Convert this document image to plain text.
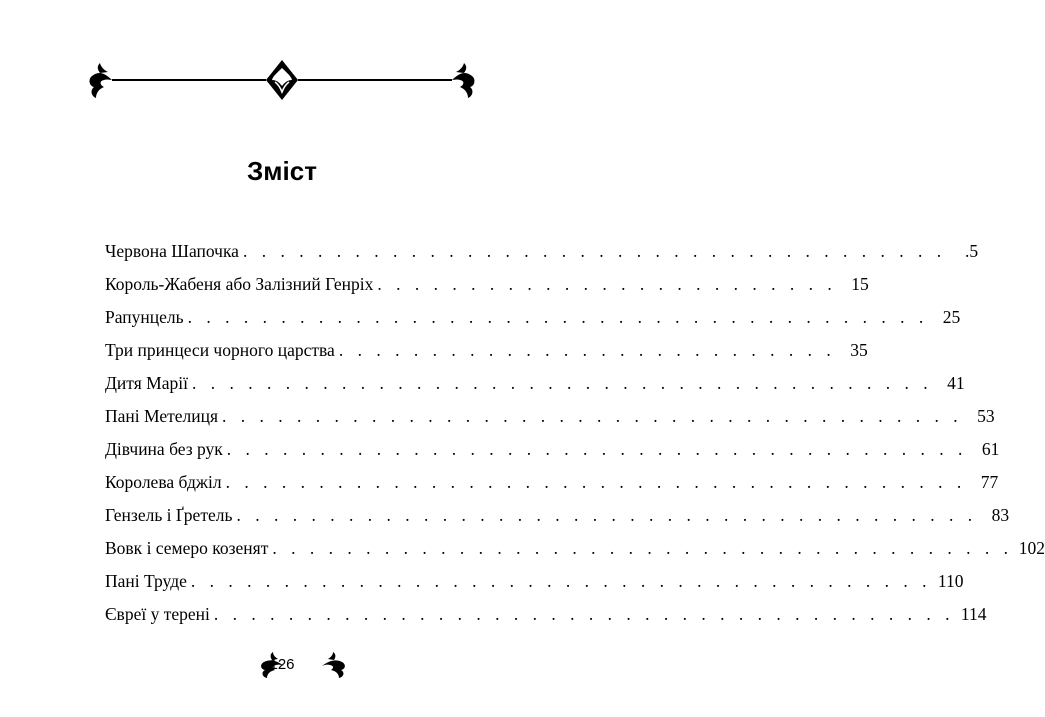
Зміст
Червона Шапочка . . . . . . . . . . . . . . . . . . . . . . . . . . . . . . . . . . . . . .	.5
Король-Жабеня або Залізний Генріх . . . . . . . . . . . . . . . . . . . . . . . . . 15
Рапунцель . . . . . . . . . . . . . . . . . . . . . . . . . . . . . . . . . . . . . . . . 25
Три принцеси чорного царства . . . . . . . . . . . . . . . . . . . . . . . . . . . 35
Дитя Марії . . . . . . . . . . . . . . . . . . . . . . . . . . . . . . . . . . . . . . . . 41
Пані Метелиця . . . . . . . . . . . . . . . . . . . . . . . . . . . . . . . . . . . . . . . . 53
Дівчина без рук . . . . . . . . . . . . . . . . . . . . . . . . . . . . . . . . . . . . . . . . 61
Королева бджіл . . . . . . . . . . . . . . . . . . . . . . . . . . . . . . . . . . . . . . . . 77
Гензель і Ґретель . . . . . . . . . . . . . . . . . . . . . . . . . . . . . . . . . . . . . . . . 83
Вовк і семеро козенят . . . . . . . . . . . . . . . . . . . . . . . . . . . . . . . . . . . . . . . . 102
Пані Труде . . . . . . . . . . . . . . . . . . . . . . . . . . . . . . . . . . . . . . . . 110
Євреї у терені . . . . . . . . . . . . . . . . . . . . . . . . . . . . . . . . . . . . . . . . 114
126
